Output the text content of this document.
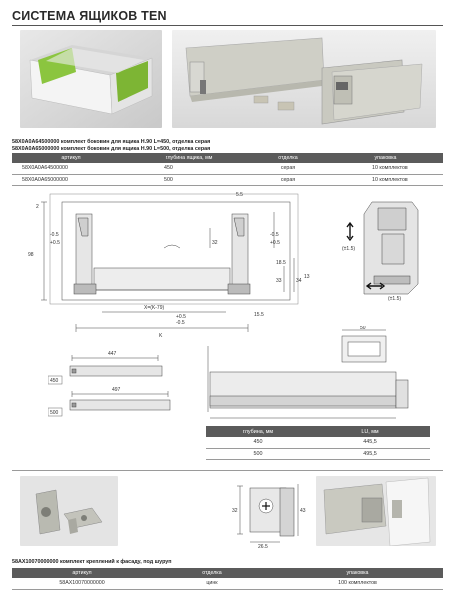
СИСТЕМА ЯЩИКОВ TEN
58X0A0A64500000 комплект боковин для ящика H.90 L=450, отделка серая
58X0A0A65000000 комплект боковин для ящика H.90 L=500, отделка серая
артикул	глубина ящика, мм	отделка	упаковка
58X0A0A64500000	450	серая	10 комплектов
58X0A0A65000000	500	серая	10 комплектов
2
98
5.5
32
-0.5
+0.5
-0.5
+0.5
18.5
33	34
13
15.5
X=(K-79)
+0.5
-0.5
K
(±1.5)
(±1.5)
447
497
450
500
50
глубина, мм	LU, мм
450	445,5
500	495,5
32	43
26.5
58AX10070000000 комплект креплений к фасаду, под шуруп
артикул	отделка	упаковка
58AX10070000000	цинк	100 комплектов
